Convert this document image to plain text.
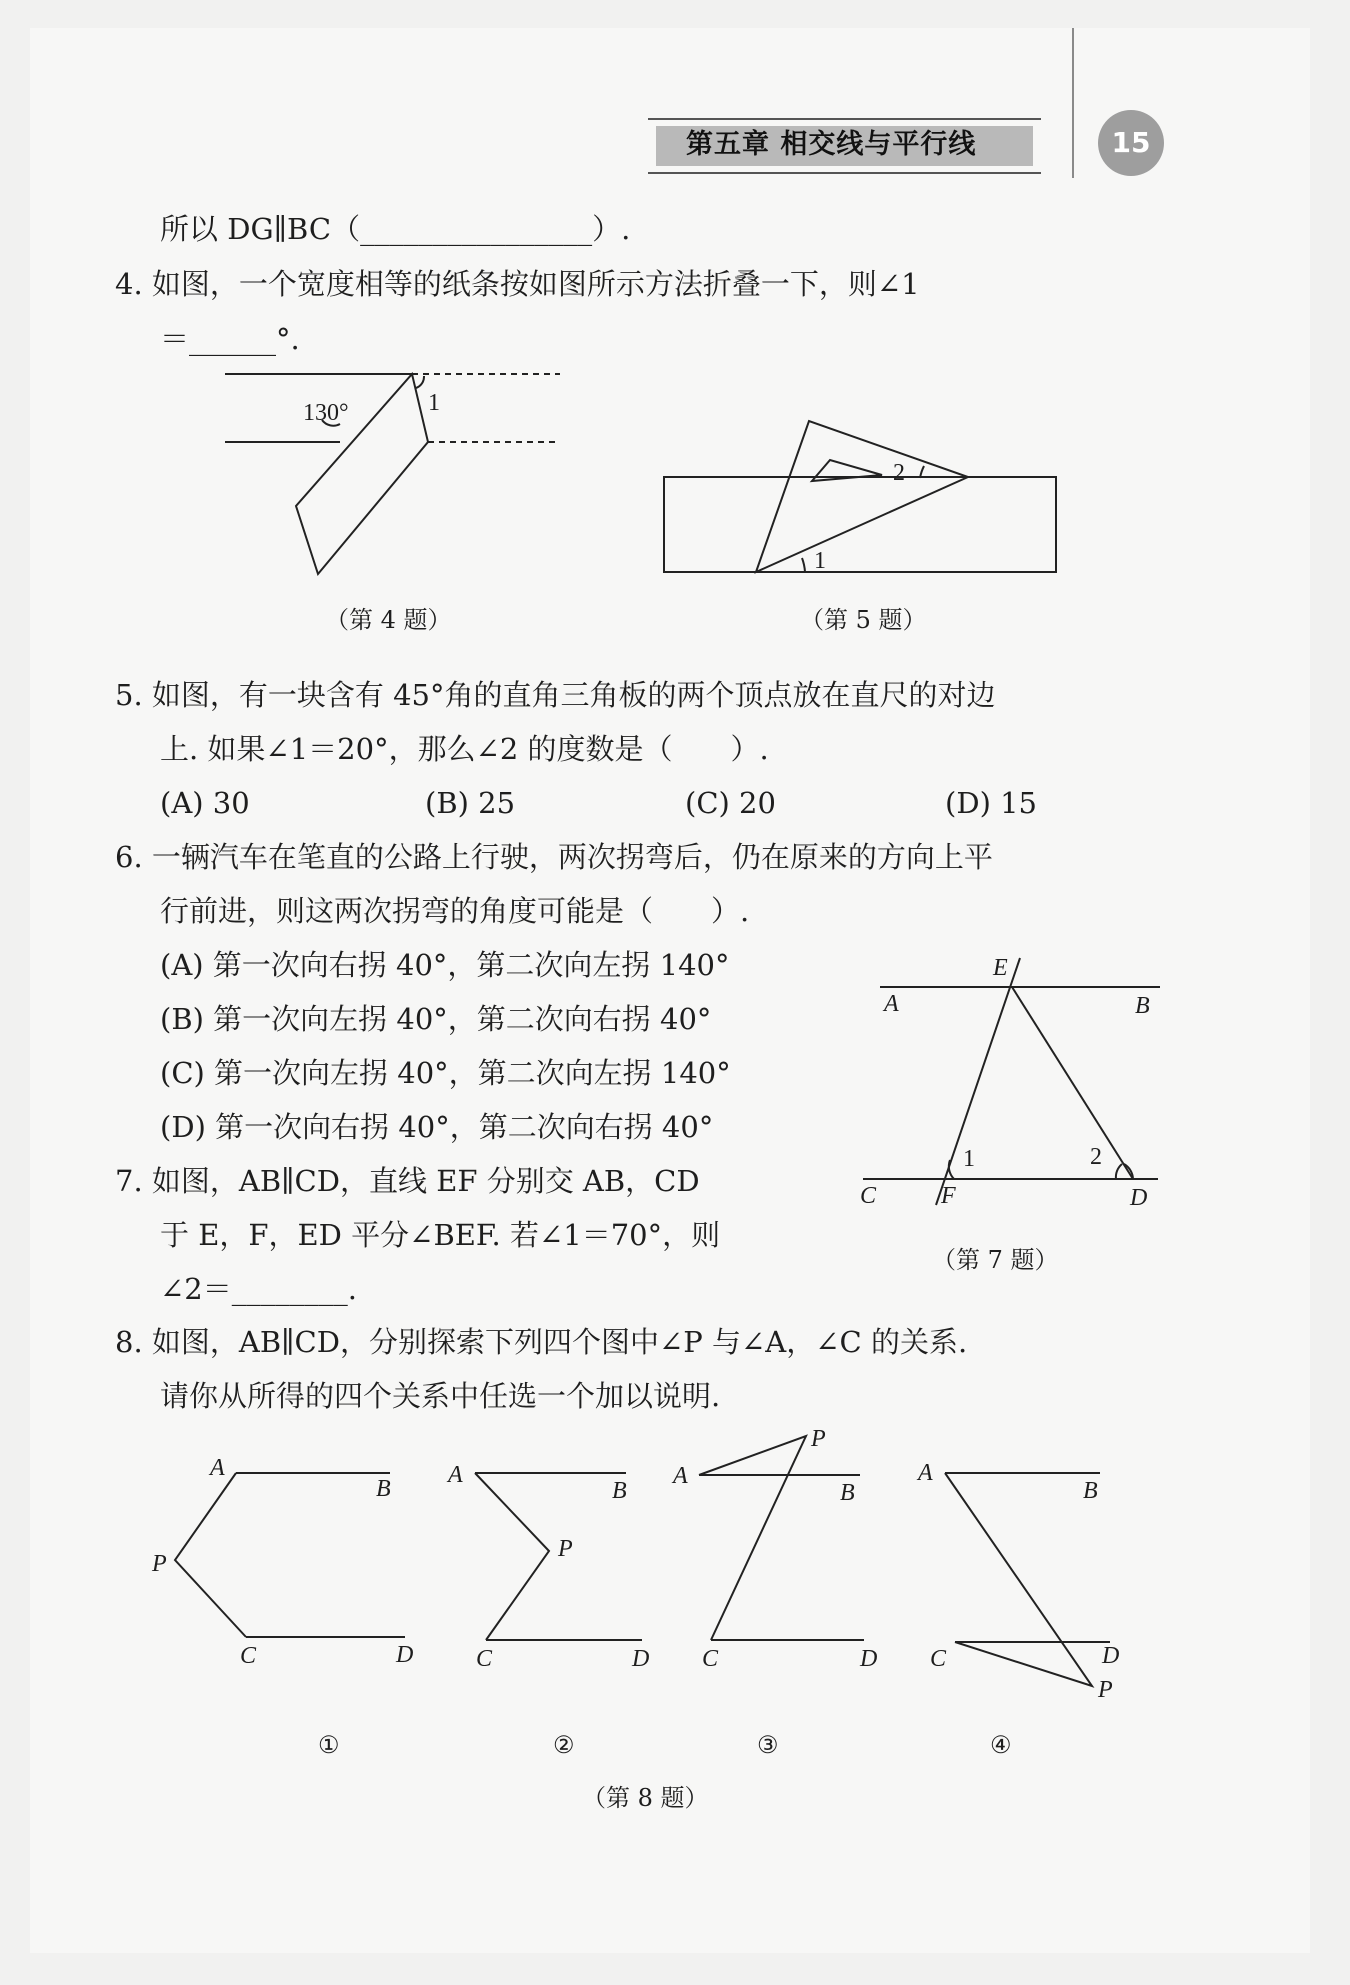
第五章 相交线与平行线	15
所以 DG∥BC（________________）.
4. 如图，一个宽度相等的纸条按如图所示方法折叠一下，则∠1
＝______°.
（第 4 题）	（第 5 题）
5. 如图，有一块含有 45°角的直角三角板的两个顶点放在直尺的对边
上. 如果∠1＝20°，那么∠2 的度数是（　　）.
(A) 30	(B) 25	(C) 20	(D) 15
6. 一辆汽车在笔直的公路上行驶，两次拐弯后，仍在原来的方向上平
行前进，则这两次拐弯的角度可能是（　　）.
(A) 第一次向右拐 40°，第二次向左拐 140°
(B) 第一次向左拐 40°，第二次向右拐 40°
(C) 第一次向左拐 40°，第二次向左拐 140°
(D) 第一次向右拐 40°，第二次向右拐 40°
7. 如图，AB∥CD，直线 EF 分别交 AB，CD
于 E，F，ED 平分∠BEF. 若∠1＝70°，则
∠2＝________.
（第 7 题）
8. 如图，AB∥CD，分别探索下列四个图中∠P 与∠A，∠C 的关系.
请你从所得的四个关系中任选一个加以说明.
（第 8 题）
130°	1
1
2
E
A	B
C	F	D
1	2
A
B
P
C	D
A
B
P
C	D
A
B
P
C	D
A
B
C	D
P
①	②	③	④
